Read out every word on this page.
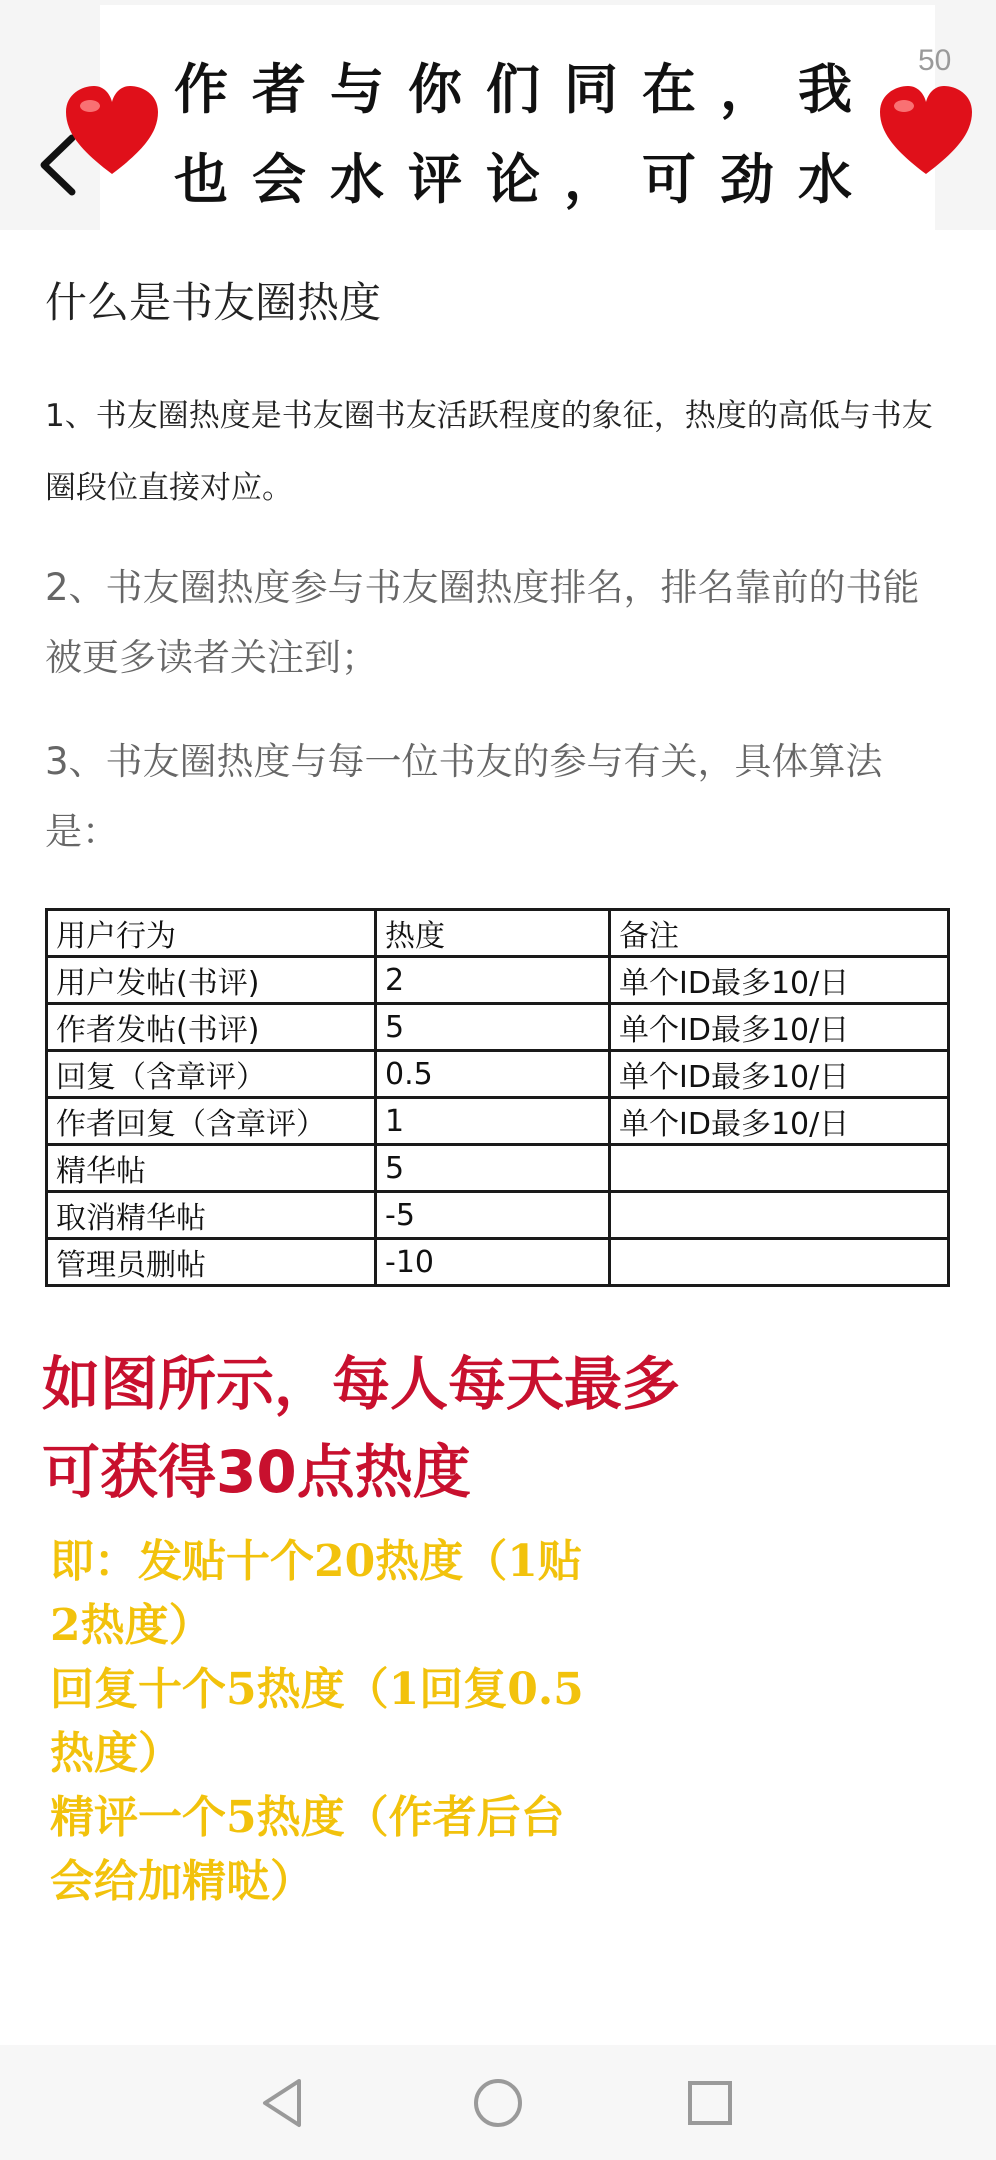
作者与你们同在，我
也会水评论，可劲水
50
什么是书友圈热度
1、书友圈热度是书友圈书友活跃程度的象征，热度的高低与书友圈段位直接对应。
2、书友圈热度参与书友圈热度排名，排名靠前的书能被更多读者关注到；
3、书友圈热度与每一位书友的参与有关，具体算法是：
用户行为	热度	备注
用户发帖(书评)	2	单个ID最多10/日
作者发帖(书评)	5	单个ID最多10/日
回复（含章评）	0.5	单个ID最多10/日
作者回复（含章评）	1	单个ID最多10/日
精华帖	5	
取消精华帖	-5	
管理员删帖	-10	
如图所示，每人每天最多
可获得30点热度
即：发贴十个20热度（1贴
2热度）
回复十个5热度（1回复0.5
热度）
精评一个5热度（作者后台
会给加精哒）
